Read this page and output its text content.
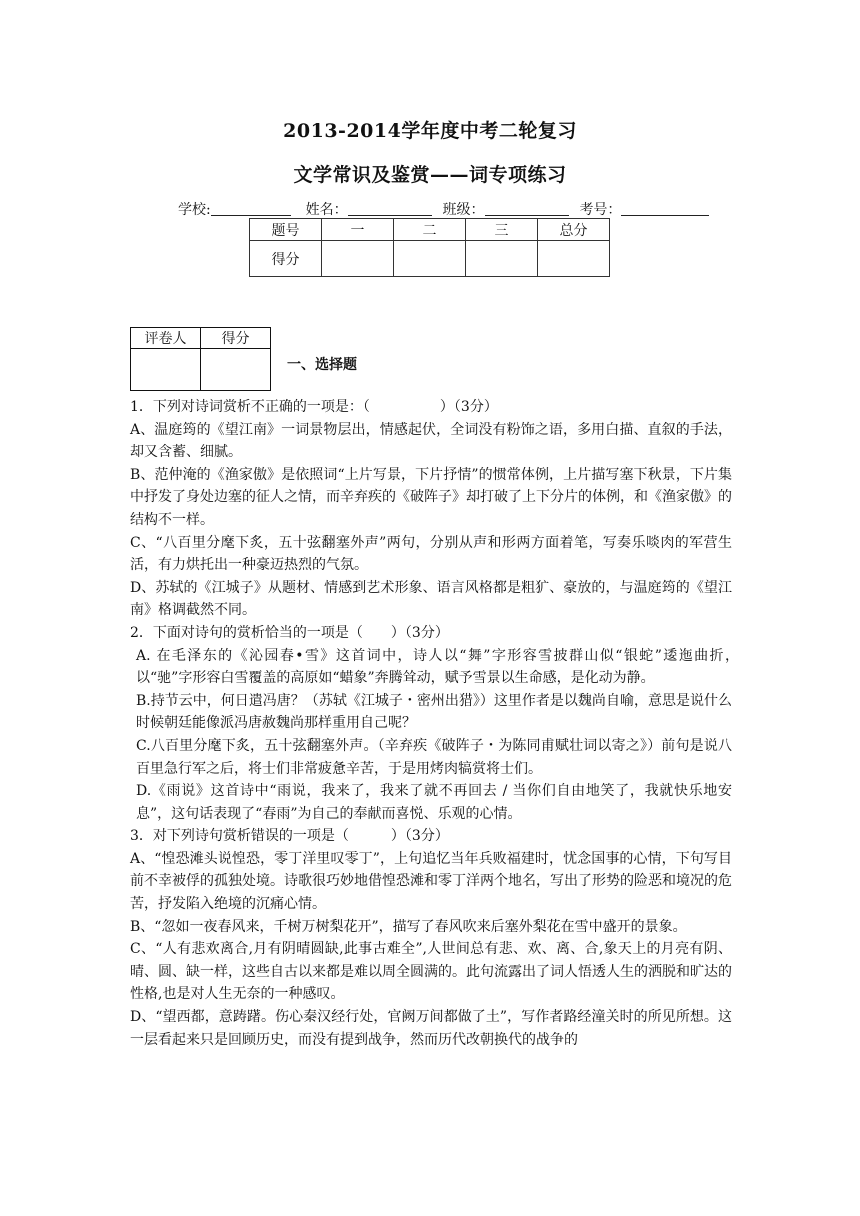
2013-2014学年度中考二轮复习
文学常识及鉴赏——词专项练习
学校:	姓名：	班级：	考号：
题号	一	二	三	总分
得分				
评卷人	得分

一、选择题

1．下列对诗词赏析不正确的一项是：（　　　　　）（3分）

A、温庭筠的《望江南》一词景物层出，情感起伏，全词没有粉饰之语，多用白描、直叙的手法，却又含蓄、细腻。

B、范仲淹的《渔家傲》是依照词“上片写景，下片抒情”的惯常体例，上片描写塞下秋景，下片集中抒发了身处边塞的征人之情，而辛弃疾的《破阵子》却打破了上下分片的体例，和《渔家傲》的结构不一样。

C、“八百里分麾下炙，五十弦翻塞外声”两句，分别从声和形两方面着笔，写奏乐啖肉的军营生活，有力烘托出一种豪迈热烈的气氛。

D、苏轼的《江城子》从题材、情感到艺术形象、语言风格都是粗犷、豪放的，与温庭筠的《望江南》格调截然不同。

2．下面对诗句的赏析恰当的一项是（　　）（3分）

A. 在毛泽东的《沁园春•雪》这首词中，诗人以“舞”字形容雪披群山似“银蛇”逶迤曲折，　以“驰”字形容白雪覆盖的高原如“蜡象”奔腾耸动，赋予雪景以生命感，是化动为静。

B.持节云中，何日遣冯唐？（苏轼《江城子・密州出猎》）这里作者是以魏尚自喻，意思是说什么时候朝廷能像派冯唐赦魏尚那样重用自己呢？

C.八百里分麾下炙，五十弦翻塞外声。（辛弃疾《破阵子・为陈同甫赋壮词以寄之》）前句是说八百里急行军之后，将士们非常疲惫辛苦，于是用烤肉犒赏将士们。

D.《雨说》这首诗中“雨说，我来了，我来了就不再回去 / 当你们自由地笑了，我就快乐地安息”，这句话表现了“春雨”为自己的奉献而喜悦、乐观的心情。

3．对下列诗句赏析错误的一项是（　　　）（3分）

A、“惶恐滩头说惶恐，零丁洋里叹零丁”，上句追忆当年兵败福建时，忧念国事的心情，下句写目前不幸被俘的孤独处境。诗歌很巧妙地借惶恐滩和零丁洋两个地名，写出了形势的险恶和境况的危苦，抒发陷入绝境的沉痛心情。

B、“忽如一夜春风来，千树万树梨花开”，描写了春风吹来后塞外梨花在雪中盛开的景象。

C、“人有悲欢离合,月有阴晴圆缺,此事古难全”,人世间总有悲、欢、离、合,象天上的月亮有阴、晴、圆、缺一样，这些自古以来都是难以周全圆满的。此句流露出了词人悟透人生的洒脱和旷达的性格,也是对人生无奈的一种感叹。

D、“望西都，意踌躇。伤心秦汉经行处，官阙万间都做了土”，写作者路经潼关时的所见所想。这一层看起来只是回顾历史，而没有提到战争，然而历代改朝换代的战争的
